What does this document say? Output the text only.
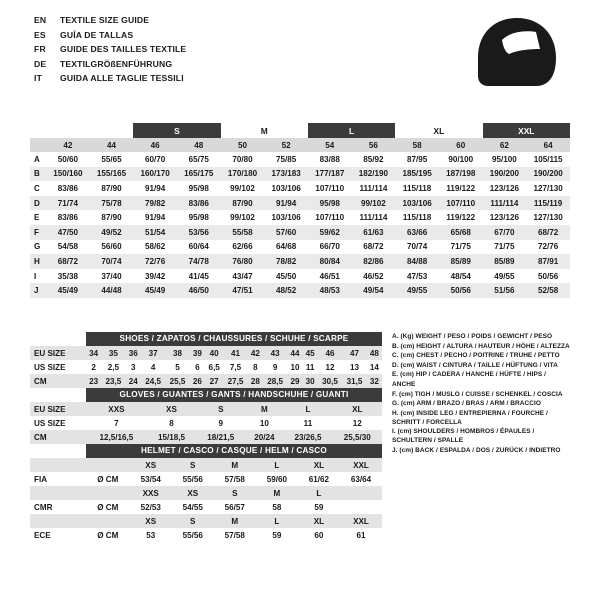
EN	TEXTILE SIZE GUIDE
ES	GUÍA DE TALLAS
FR	GUIDE DES TAILLES TEXTILE
DE	TEXTILGRÖßENFÜHRUNG
IT	GUIDA ALLE TAGLIE TESSILI
			S		M		L		XL		XXL	
	42	44	46	48	50	52	54	56	58	60	62	64
A	50/60	55/65	60/70	65/75	70/80	75/85	83/88	85/92	87/95	90/100	95/100	105/115
B	150/160	155/165	160/170	165/175	170/180	173/183	177/187	182/190	185/195	187/198	190/200	190/200
C	83/86	87/90	91/94	95/98	99/102	103/106	107/110	111/114	115/118	119/122	123/126	127/130
D	71/74	75/78	79/82	83/86	87/90	91/94	95/98	99/102	103/106	107/110	111/114	115/119
E	83/86	87/90	91/94	95/98	99/102	103/106	107/110	111/114	115/118	119/122	123/126	127/130
F	47/50	49/52	51/54	53/56	55/58	57/60	59/62	61/63	63/66	65/68	67/70	68/72
G	54/58	56/60	58/62	60/64	62/66	64/68	66/70	68/72	70/74	71/75	71/75	72/76
H	68/72	70/74	72/76	74/78	76/80	78/82	80/84	82/86	84/88	85/89	85/89	87/91
I	35/38	37/40	39/42	41/45	43/47	45/50	46/51	46/52	47/53	48/54	49/55	50/56
J	45/49	44/48	45/49	46/50	47/51	48/52	48/53	49/54	49/55	50/56	51/56	52/58
SHOES / ZAPATOS / CHAUSSURES / SCHUHE / SCARPE
EU SIZE	34	35	36	37	38	39	40	41	42	43	44	45	46	47	48
US SIZE	2	2,5	3	4	5	6	6,5	7,5	8	9	10	11	12	13	14
CM	23	23,5	24	24,5	25,5	26	27	27,5	28	28,5	29	30	30,5	31,5	32
GLOVES / GUANTES / GANTS / HANDSCHUHE / GUANTI
EU SIZE	XXS	XS	S	M	L	XL
US SIZE	7	8	9	10	11	12
CM	12,5/16,5	15/18,5	18/21,5	20/24	23/26,5	25,5/30
HELMET / CASCO / CASQUE / HELM / CASCO
		XS	S	M	L	XL	XXL
FIA	Ø CM	53/54	55/56	57/58	59/60	61/62	63/64
		XXS	XS	S	M	L	
CMR	Ø CM	52/53	54/55	56/57	58	59	
		XS	S	M	L	XL	XXL
ECE	Ø CM	53	55/56	57/58	59	60	61
A. (Kg) WEIGHT / PESO / POIDS / GEWICHT / PESO
B. (cm) HEIGHT / ALTURA / HAUTEUR / HÖHE / ALTEZZA
C. (cm) CHEST / PECHO / POITRINE / TRUHE / PETTO
D. (cm) WAIST / CINTURA / TAILLE / HÜFTUNG / VITA
E. (cm) HIP / CADERA / HANCHE / HÜFTE / HIPS / ANCHE
F. (cm) TIGH / MUSLO / CUISSE / SCHENKEL / COSCIA
G. (cm) ARM / BRAZO / BRAS / ARM / BRACCIO
H. (cm) INSIDE LEG / ENTREPIERNA / FOURCHE / SCHRITT / FORCELLA
I. (cm) SHOULDERS / HOMBROS / ÉPAULES / SCHULTERN / SPALLE
J. (cm) BACK / ESPALDA / DOS / ZURÜCK / INDIETRO
